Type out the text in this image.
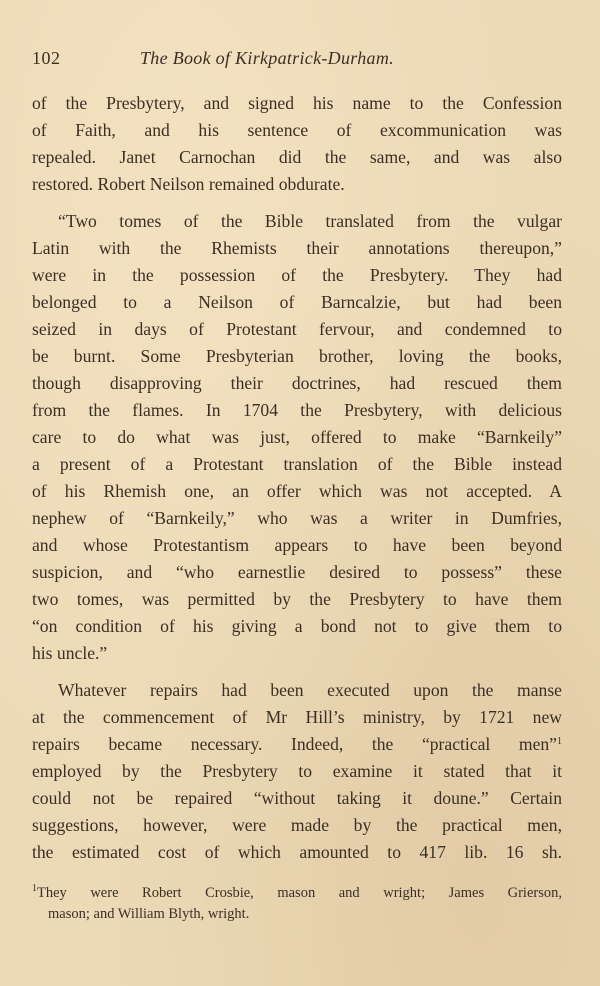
102	The Book of Kirkpatrick-Durham.

of the Presbytery, and signed his name to the Confession
of Faith, and his sentence of excommunication was
repealed. Janet Carnochan did the same, and was also
restored. Robert Neilson remained obdurate.

“Two tomes of the Bible translated from the vulgar
Latin with the Rhemists their annotations thereupon,”
were in the possession of the Presbytery. They had
belonged to a Neilson of Barncalzie, but had been
seized in days of Protestant fervour, and condemned to
be burnt. Some Presbyterian brother, loving the books,
though disapproving their doctrines, had rescued them
from the flames. In 1704 the Presbytery, with delicious
care to do what was just, offered to make “Barnkeily”
a present of a Protestant translation of the Bible instead
of his Rhemish one, an offer which was not accepted. A
nephew of “Barnkeily,” who was a writer in Dumfries,
and whose Protestantism appears to have been beyond
suspicion, and “who earnestlie desired to possess” these
two tomes, was permitted by the Presbytery to have them
“on condition of his giving a bond not to give them to
his uncle.”

Whatever repairs had been executed upon the manse
at the commencement of Mr Hill’s ministry, by 1721 new
repairs became necessary. Indeed, the “practical men”$^1$
employed by the Presbytery to examine it stated that it
could not be repaired “without taking it doune.” Certain
suggestions, however, were made by the practical men,
the estimated cost of which amounted to 417 lib. 16 sh.

$^1$They were Robert Crosbie, mason and wright; James Grierson,
mason; and William Blyth, wright.
